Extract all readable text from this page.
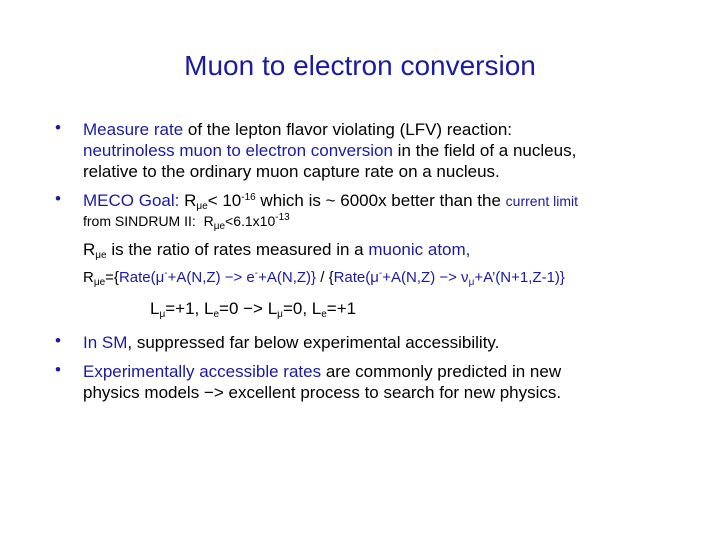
Muon to electron conversion
• Measure rate of the lepton flavor violating (LFV) reaction:
neutrinoless muon to electron conversion in the field of a nucleus,
relative to the ordinary muon capture rate on a nucleus.
• MECO Goal: $R_{\mu e}< 10^{-16}$ which is ~ 6000x better than the current limit
from SINDRUM II: $R_{\mu e}<6.1x10^{-13}$
$R_{\mu e}$ is the ratio of rates measured in a muonic atom,
$R_{\mu e}=\{Rate(\mu^-+A(N,Z) -> e^-+A(N,Z)\}$ / {Rate(μ-+A(N,Z) −> $\nu_\mu+A’(N+1,Z-1)$}
$L_\mu=+1$, $L_e=0 -> L_\mu=0$, $L_e=+1$
• In SM, suppressed far below experimental accessibility.
• Experimentally accessible rates are commonly predicted in new
physics models −> excellent process to search for new physics.
